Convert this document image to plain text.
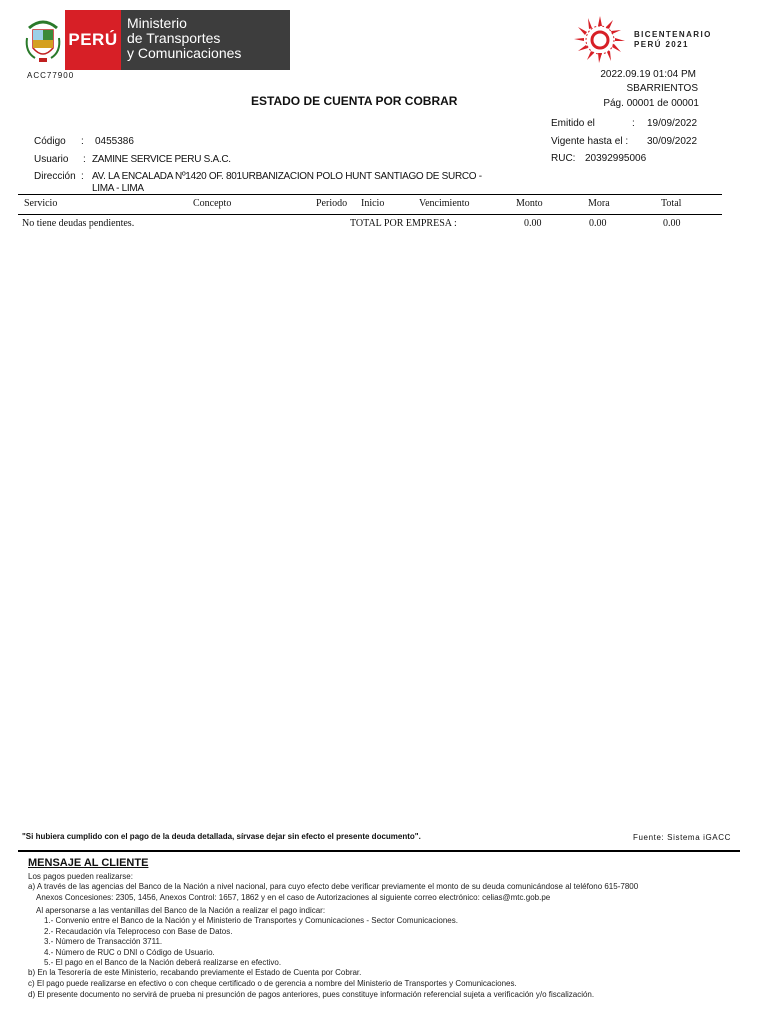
PERÚ
Ministerio
de Transportes
y Comunicaciones
ACC77900
BICENTENARIO
PERÚ 2021
2022.09.19 01:04 PM
SBARRIENTOS
Pág. 00001 de 00001
ESTADO DE CUENTA POR COBRAR
Emitido el	: 19/09/2022
Vigente hasta el : 30/09/2022
RUC: 20392995006
Código : 0455386
Usuario : ZAMINE SERVICE PERU S.A.C.
Dirección : AV. LA ENCALADA Nº1420 OF. 801URBANIZACION POLO HUNT SANTIAGO DE SURCO -
LIMA - LIMA
Servicio	Concepto	Periodo Inicio	Vencimiento	Monto	Mora	Total
No tiene deudas pendientes.	TOTAL POR EMPRESA :	0.00	0.00	0.00
"Si hubiera cumplido con el pago de la deuda detallada, sírvase dejar sin efecto el presente documento".	Fuente: Sistema iGACC
MENSAJE AL CLIENTE
Los pagos pueden realizarse:
a) A través de las agencias del Banco de la Nación a nivel nacional, para cuyo efecto debe verificar previamente el monto de su deuda comunicándose al teléfono 615-7800
Anexos Concesiones: 2305, 1456, Anexos Control: 1657, 1862 y en el caso de Autorizaciones al siguiente correo electrónico: celias@mtc.gob.pe
Al apersonarse a las ventanillas del Banco de la Nación a realizar el pago indicar:
1.- Convenio entre el Banco de la Nación y el Ministerio de Transportes y Comunicaciones - Sector Comunicaciones.
2.- Recaudación vía Teleproceso con Base de Datos.
3.- Número de Transacción 3711.
4.- Número de RUC o DNI o Código de Usuario.
5.- El pago en el Banco de la Nación deberá realizarse en efectivo.
b) En la Tesorería de este Ministerio, recabando previamente el Estado de Cuenta por Cobrar.
c) El pago puede realizarse en efectivo o con cheque certificado o de gerencia a nombre del Ministerio de Transportes y Comunicaciones.
d) El presente documento no servirá de prueba ni presunción de pagos anteriores, pues constituye información referencial sujeta a verificación y/o fiscalización.
